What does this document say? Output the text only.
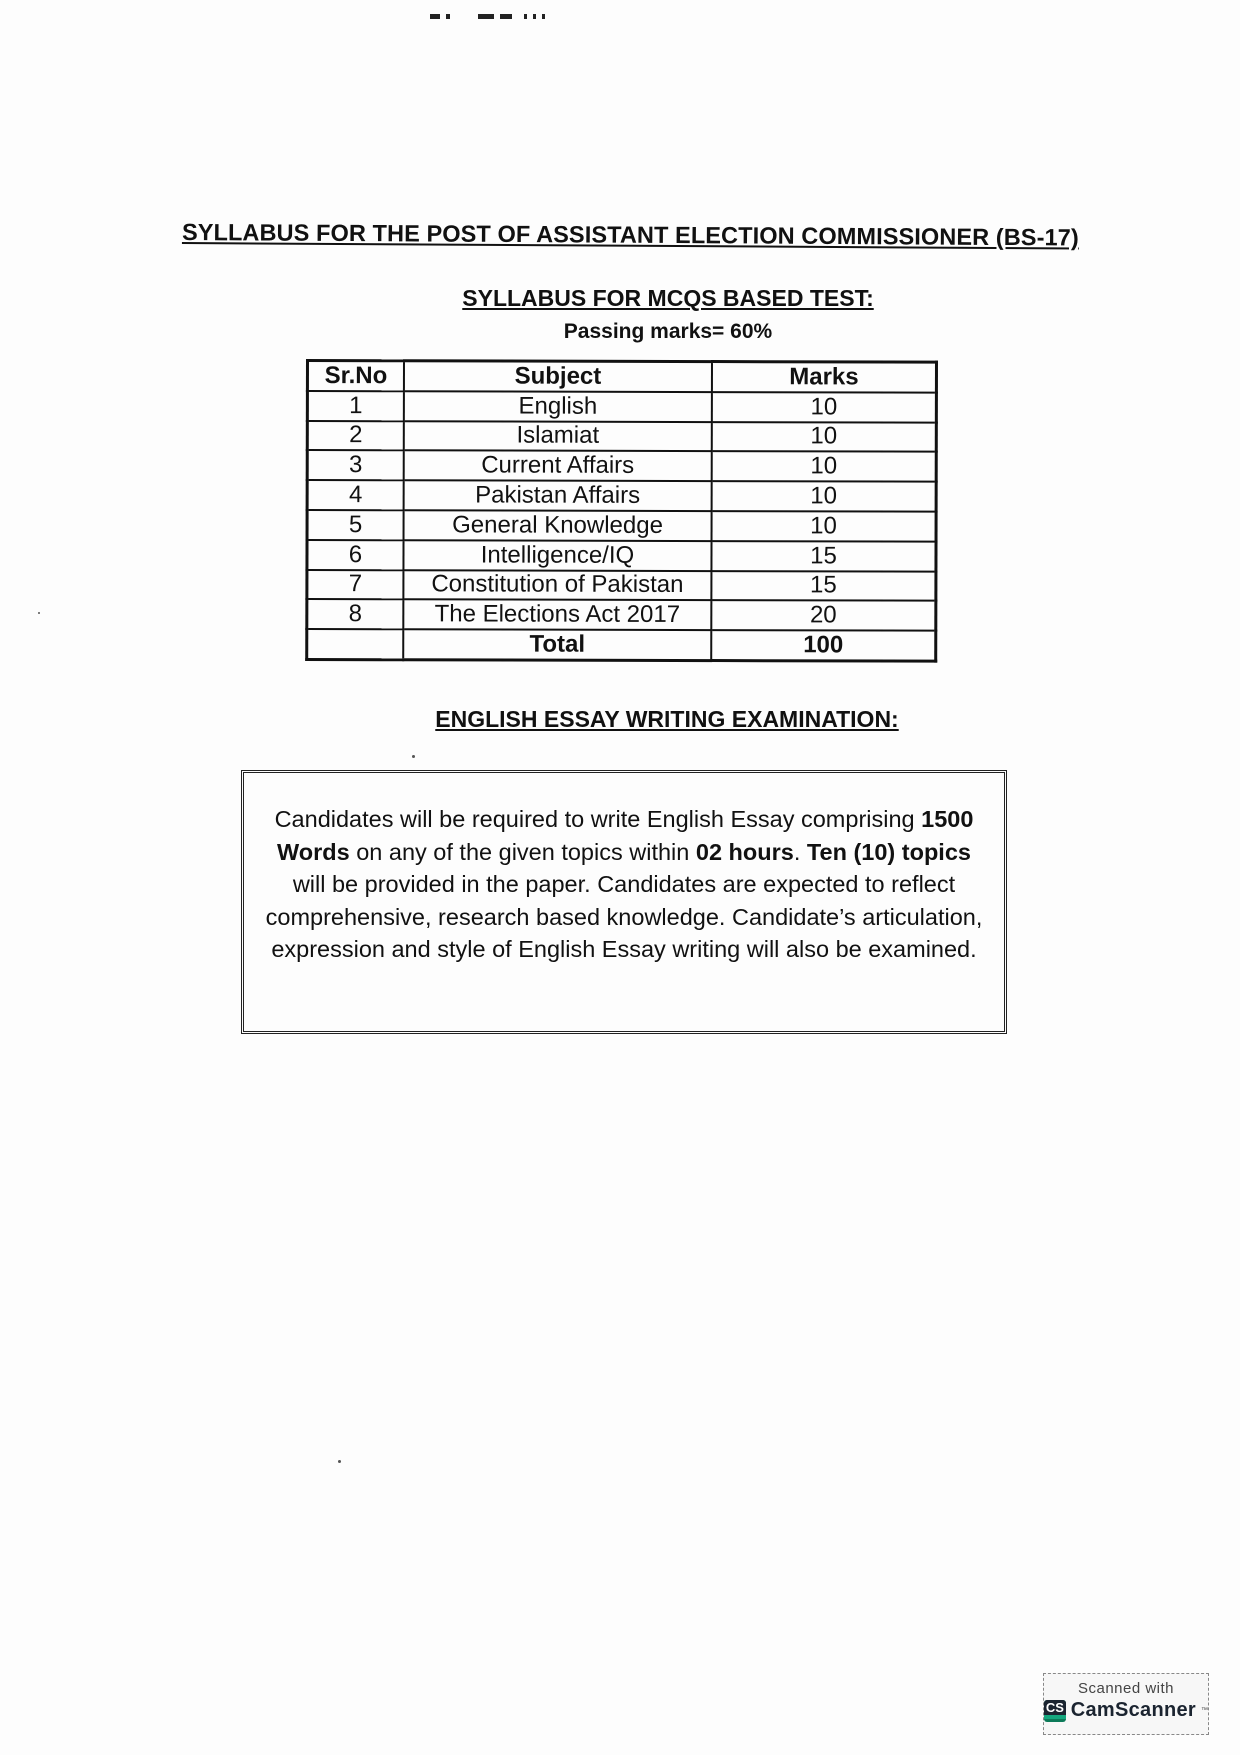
SYLLABUS FOR THE POST OF ASSISTANT ELECTION COMMISSIONER (BS-17)
SYLLABUS FOR MCQS BASED TEST:
Passing marks= 60%
Sr.No	Subject	Marks
1	English	10
2	Islamiat	10
3	Current Affairs	10
4	Pakistan Affairs	10
5	General Knowledge	10
6	Intelligence/IQ	15
7	Constitution of Pakistan	15
8	The Elections Act 2017	20
	Total	100
ENGLISH ESSAY WRITING EXAMINATION:
Candidates will be required to write English Essay comprising 1500 Words on any of the given topics within 02 hours. Ten (10) topics will be provided in the paper. Candidates are expected to reflect comprehensive, research based knowledge. Candidate’s articulation, expression and style of English Essay writing will also be examined.
Scanned with
CS CamScanner ™
